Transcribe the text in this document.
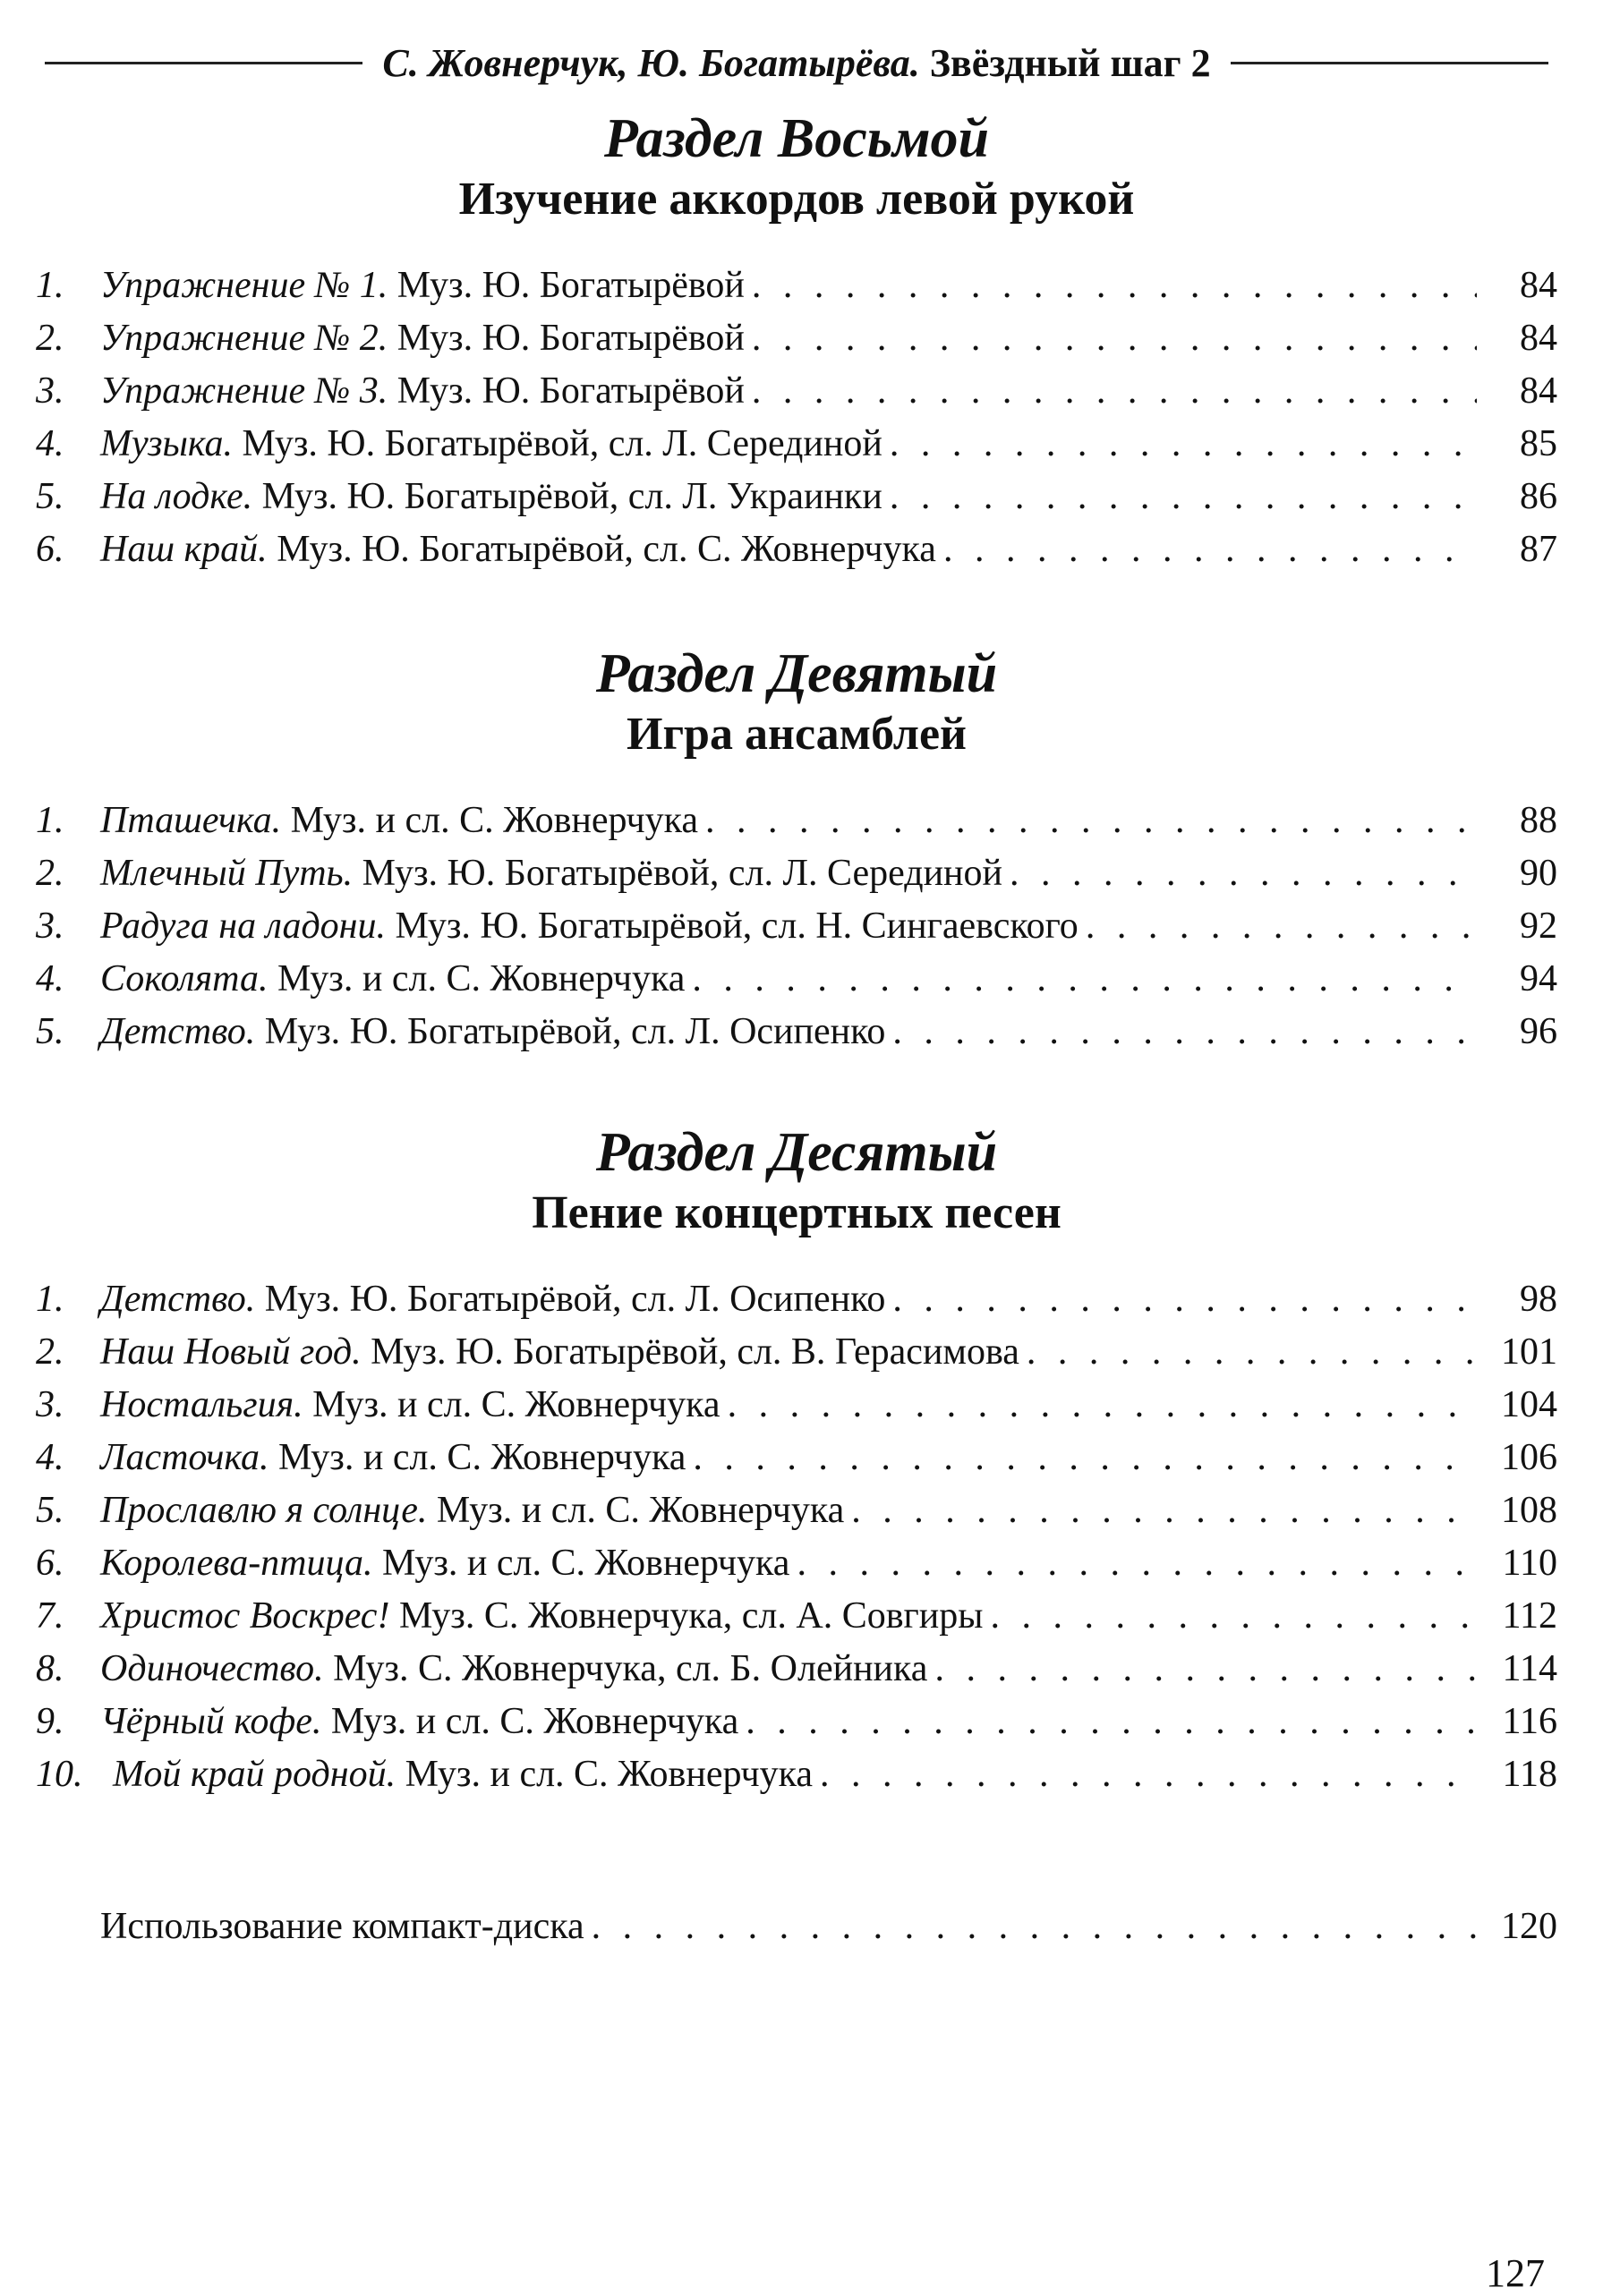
С. Жовнерчук, Ю. Богатырёва. Звёздный шаг 2
Раздел Восьмой
Изучение аккордов левой рукой
1. Упражнение № 1. Муз. Ю. Богатырёвой . . .	84
2. Упражнение № 2. Муз. Ю. Богатырёвой . . .	84
3. Упражнение № 3. Муз. Ю. Богатырёвой . . .	84
4. Музыка. Муз. Ю. Богатырёвой, сл. Л. Серединой . . .	85
5. На лодке. Муз. Ю. Богатырёвой, сл. Л. Украинки . . .	86
6. Наш край. Муз. Ю. Богатырёвой, сл. С. Жовнерчука . . .	87
Раздел Девятый
Игра ансамблей
1. Пташечка. Муз. и сл. С. Жовнерчука . . .	88
2. Млечный Путь. Муз. Ю. Богатырёвой, сл. Л. Серединой . . .	90
3. Радуга на ладони. Муз. Ю. Богатырёвой, сл. Н. Сингаевского . . .	92
4. Соколята. Муз. и сл. С. Жовнерчука . . .	94
5. Детство. Муз. Ю. Богатырёвой, сл. Л. Осипенко . . .	96
Раздел Десятый
Пение концертных песен
1. Детство. Муз. Ю. Богатырёвой, сл. Л. Осипенко . . .	98
2. Наш Новый год. Муз. Ю. Богатырёвой, сл. В. Герасимова . . .	101
3. Ностальгия. Муз. и сл. С. Жовнерчука . . .	104
4. Ласточка. Муз. и сл. С. Жовнерчука . . .	106
5. Прославлю я солнце. Муз. и сл. С. Жовнерчука . . .	108
6. Королева-птица. Муз. и сл. С. Жовнерчука . . .	110
7. Христос Воскрес! Муз. С. Жовнерчука, сл. А. Совгиры . . .	112
8. Одиночество. Муз. С. Жовнерчука, сл. Б. Олейника . . .	114
9. Чёрный кофе. Муз. и сл. С. Жовнерчука . . .	116
10. Мой край родной. Муз. и сл. С. Жовнерчука . . .	118
Использование компакт-диска . . .	120
127
